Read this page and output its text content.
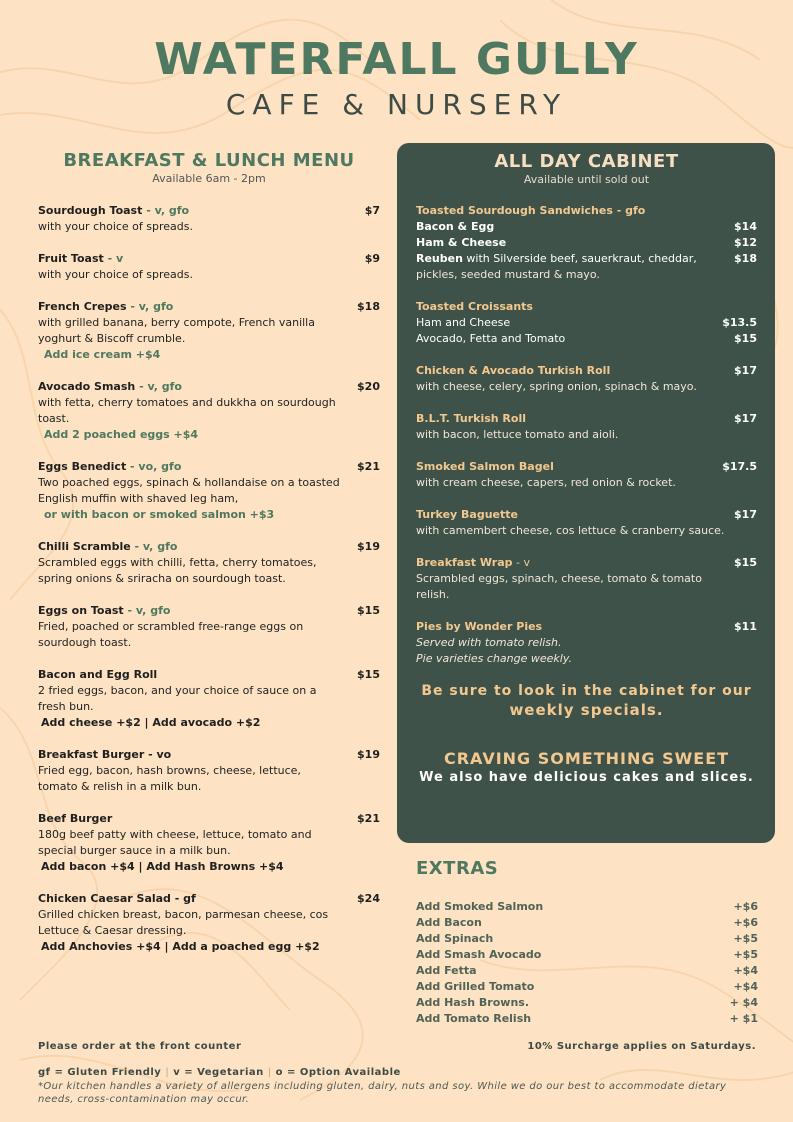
WATERFALL GULLY
CAFE & NURSERY
BREAKFAST & LUNCH MENU
Available 6am - 2pm
Sourdough Toast - v, gfo	$7
with your choice of spreads.
Fruit Toast - v	$9
with your choice of spreads.
French Crepes - v, gfo	$18
with grilled banana, berry compote, French vanilla yoghurt & Biscoff crumble.
Add ice cream +$4
Avocado Smash - v, gfo	$20
with fetta, cherry tomatoes and dukkha on sourdough toast.
Add 2 poached eggs +$4
Eggs Benedict - vo, gfo	$21
Two poached eggs, spinach & hollandaise on a toasted English muffin with shaved leg ham,
or with bacon or smoked salmon +$3
Chilli Scramble - v, gfo	$19
Scrambled eggs with chilli, fetta, cherry tomatoes, spring onions & sriracha on sourdough toast.
Eggs on Toast - v, gfo	$15
Fried, poached or scrambled free-range eggs on sourdough toast.
Bacon and Egg Roll	$15
2 fried eggs, bacon, and your choice of sauce on a fresh bun.
Add cheese +$2 | Add avocado +$2
Breakfast Burger - vo	$19
Fried egg, bacon, hash browns, cheese, lettuce, tomato & relish in a milk bun.
Beef Burger	$21
180g beef patty with cheese, lettuce, tomato and special burger sauce in a milk bun.
Add bacon +$4 | Add Hash Browns +$4
Chicken Caesar Salad - gf	$24
Grilled chicken breast, bacon, parmesan cheese, cos Lettuce & Caesar dressing.
Add Anchovies +$4 | Add a poached egg +$2
ALL DAY CABINET
Available until sold out
Toasted Sourdough Sandwiches - gfo
Bacon & Egg	$14
Ham & Cheese	$12
Reuben with Silverside beef, sauerkraut, cheddar,	$18
pickles, seeded mustard & mayo.
Toasted Croissants
Ham and Cheese	$13.5
Avocado, Fetta and Tomato	$15
Chicken & Avocado Turkish Roll	$17
with cheese, celery, spring onion, spinach & mayo.
B.L.T. Turkish Roll	$17
with bacon, lettuce tomato and aioli.
Smoked Salmon Bagel	$17.5
with cream cheese, capers, red onion & rocket.
Turkey Baguette	$17
with camembert cheese, cos lettuce & cranberry sauce.
Breakfast Wrap - v	$15
Scrambled eggs, spinach, cheese, tomato & tomato relish.
Pies by Wonder Pies	$11
Served with tomato relish.
Pie varieties change weekly.
Be sure to look in the cabinet for our
weekly specials.
CRAVING SOMETHING SWEET
We also have delicious cakes and slices.
EXTRAS
Add Smoked Salmon	+$6
Add Bacon	+$6
Add Spinach	+$5
Add Smash Avocado	+$5
Add Fetta	+$4
Add Grilled Tomato	+$4
Add Hash Browns.	+ $4
Add Tomato Relish	+ $1
Please order at the front counter	10% Surcharge applies on Saturdays.
gf = Gluten Friendly | v = Vegetarian | o = Option Available
*Our kitchen handles a variety of allergens including gluten, dairy, nuts and soy. While we do our best to accommodate dietary needs, cross-contamination may occur.
